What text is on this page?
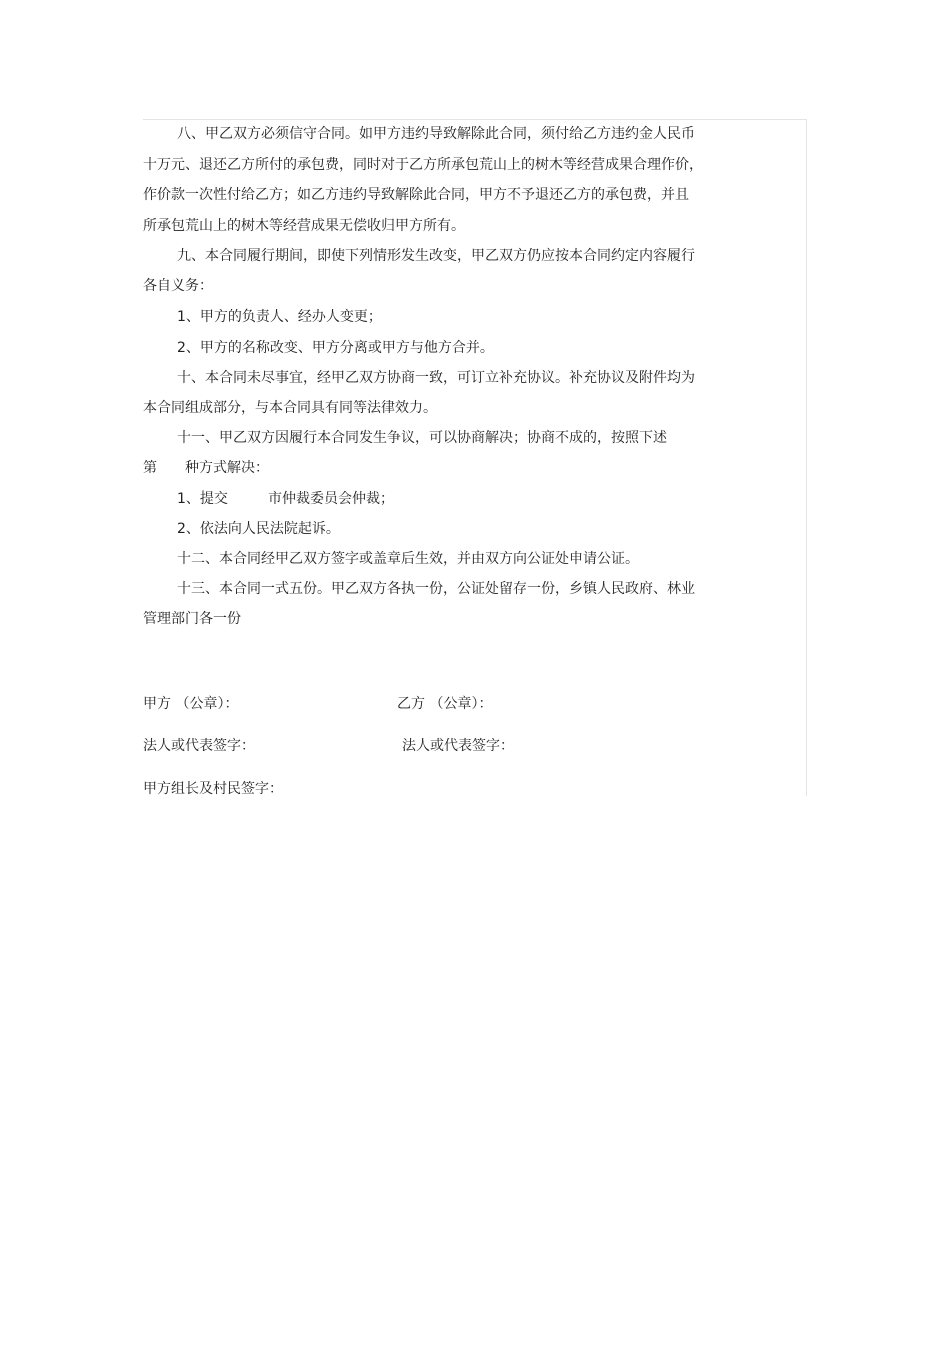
八、甲乙双方必须信守合同。如甲方违约导致解除此合同，须付给乙方违约金人民币

十万元、退还乙方所付的承包费，同时对于乙方所承包荒山上的树木等经营成果合理作价，

作价款一次性付给乙方；如乙方违约导致解除此合同，甲方不予退还乙方的承包费，并且

所承包荒山上的树木等经营成果无偿收归甲方所有。

九、本合同履行期间，即使下列情形发生改变，甲乙双方仍应按本合同约定内容履行

各自义务：

1、甲方的负责人、经办人变更；

2、甲方的名称改变、甲方分离或甲方与他方合并。

十、本合同未尽事宜，经甲乙双方协商一致，可订立补充协议。补充协议及附件均为

本合同组成部分，与本合同具有同等法律效力。

十一、甲乙双方因履行本合同发生争议，可以协商解决；协商不成的，按照下述

第 种方式解决：

1、提交	市仲裁委员会仲裁；

2、依法向人民法院起诉。

十二、本合同经甲乙双方签字或盖章后生效，并由双方向公证处申请公证。

十三、本合同一式五份。甲乙双方各执一份，公证处留存一份，乡镇人民政府、林业

管理部门各一份

甲方 （公章）：	乙方 （公章）：

法人或代表签字：	法人或代表签字：

甲方组长及村民签字：
